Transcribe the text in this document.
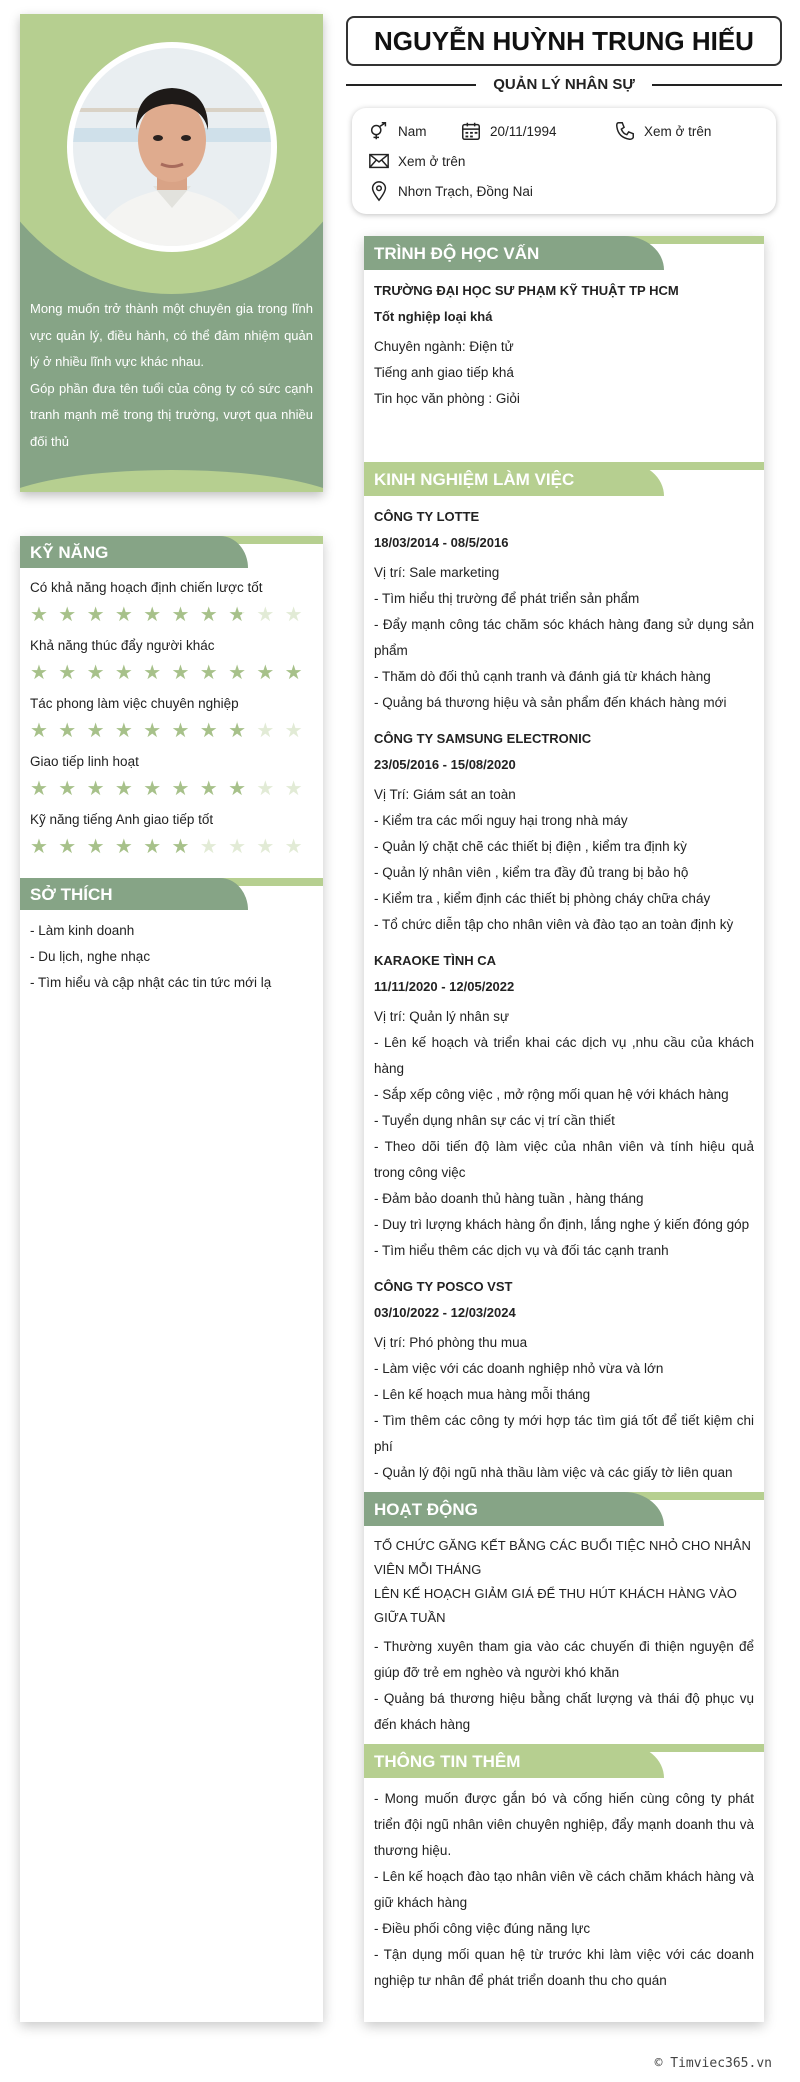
Mong muốn trở thành một chuyên gia trong lĩnh vực quản lý, điều hành, có thể đảm nhiệm quản lý ở nhiều lĩnh vực khác nhau.
Góp phần đưa tên tuổi của công ty có sức cạnh tranh mạnh mẽ trong thị trường, vượt qua nhiều đối thủ
KỸ NĂNG
Có khả năng hoạch định chiến lược tốt
★ ★ ★ ★ ★ ★ ★ ★ ★ ★
Khả năng thúc đẩy người khác
★ ★ ★ ★ ★ ★ ★ ★ ★ ★
Tác phong làm việc chuyên nghiệp
★ ★ ★ ★ ★ ★ ★ ★ ★ ★
Giao tiếp linh hoạt
★ ★ ★ ★ ★ ★ ★ ★ ★ ★
Kỹ năng tiếng Anh giao tiếp tốt
★ ★ ★ ★ ★ ★ ★ ★ ★ ★
SỞ THÍCH
- Làm kinh doanh
- Du lịch, nghe nhạc
- Tìm hiểu và cập nhật các tin tức mới lạ
NGUYỄN HUỲNH TRUNG HIẾU
QUẢN LÝ NHÂN SỰ
Nam	20/11/1994	Xem ở trên
Xem ở trên
Nhơn Trạch, Đồng Nai
TRÌNH ĐỘ HỌC VẤN
TRƯỜNG ĐẠI HỌC SƯ PHẠM KỸ THUẬT TP HCM
Tốt nghiệp loại khá
Chuyên ngành: Điện tử
Tiếng anh giao tiếp khá
Tin học văn phòng : Giỏi
KINH NGHIỆM LÀM VIỆC
CÔNG TY LOTTE
18/03/2014 - 08/5/2016
Vị trí: Sale marketing
- Tìm hiểu thị trường để phát triển sản phẩm
- Đẩy mạnh công tác chăm sóc khách hàng đang sử dụng sản phẩm
- Thăm dò đối thủ cạnh tranh và đánh giá từ khách hàng
- Quảng bá thương hiệu và sản phẩm đến khách hàng mới
CÔNG TY SAMSUNG ELECTRONIC
23/05/2016 - 15/08/2020
Vị Trí: Giám sát an toàn
- Kiểm tra các mối nguy hại trong nhà máy
- Quản lý chặt chẽ các thiết bị điện , kiểm tra định kỳ
- Quản lý nhân viên , kiểm tra đầy đủ trang bị bảo hộ
- Kiểm tra , kiểm định các thiết bị phòng cháy chữa cháy
- Tổ chức diễn tập cho nhân viên và đào tạo an toàn định kỳ
KARAOKE TÌNH CA
11/11/2020 - 12/05/2022
Vị trí: Quản lý nhân sự
- Lên kế hoạch và triển khai các dịch vụ ,nhu cầu của khách hàng
- Sắp xếp công việc , mở rộng mối quan hệ với khách hàng
- Tuyển dụng nhân sự các vị trí cần thiết
- Theo dõi tiến độ làm việc của nhân viên và tính hiệu quả trong công việc
- Đảm bảo doanh thủ hàng tuần , hàng tháng
- Duy trì lượng khách hàng ổn định, lắng nghe ý kiến đóng góp
- Tìm hiểu thêm các dịch vụ và đối tác cạnh tranh
CÔNG TY POSCO VST
03/10/2022 - 12/03/2024
Vị trí: Phó phòng thu mua
- Làm việc với các doanh nghiệp nhỏ vừa và lớn
- Lên kế hoạch mua hàng mỗi tháng
- Tìm thêm các công ty mới hợp tác tìm giá tốt để tiết kiệm chi phí
- Quản lý đội ngũ nhà thầu làm việc và các giấy tờ liên quan
HOẠT ĐỘNG
TỔ CHỨC GĂNG KẾT BẰNG CÁC BUỔI TIỆC NHỎ CHO NHÂN VIÊN MỖI THÁNG
LÊN KẾ HOẠCH GIẢM GIÁ ĐỂ THU HÚT KHÁCH HÀNG VÀO GIỮA TUẦN
- Thường xuyên tham gia vào các chuyến đi thiện nguyện để giúp đỡ trẻ em nghèo và người khó khăn
- Quảng bá thương hiệu bằng chất lượng và thái độ phục vụ đến khách hàng
THÔNG TIN THÊM
- Mong muốn được gắn bó và cống hiến cùng công ty phát triển đội ngũ nhân viên chuyên nghiệp, đẩy mạnh doanh thu và thương hiệu.
- Lên kế hoạch đào tạo nhân viên về cách chăm khách hàng và giữ khách hàng
- Điều phối công việc đúng năng lực
- Tận dụng mối quan hệ từ trước khi làm việc với các doanh nghiệp tư nhân để phát triển doanh thu cho quán
© Timviec365.vn
